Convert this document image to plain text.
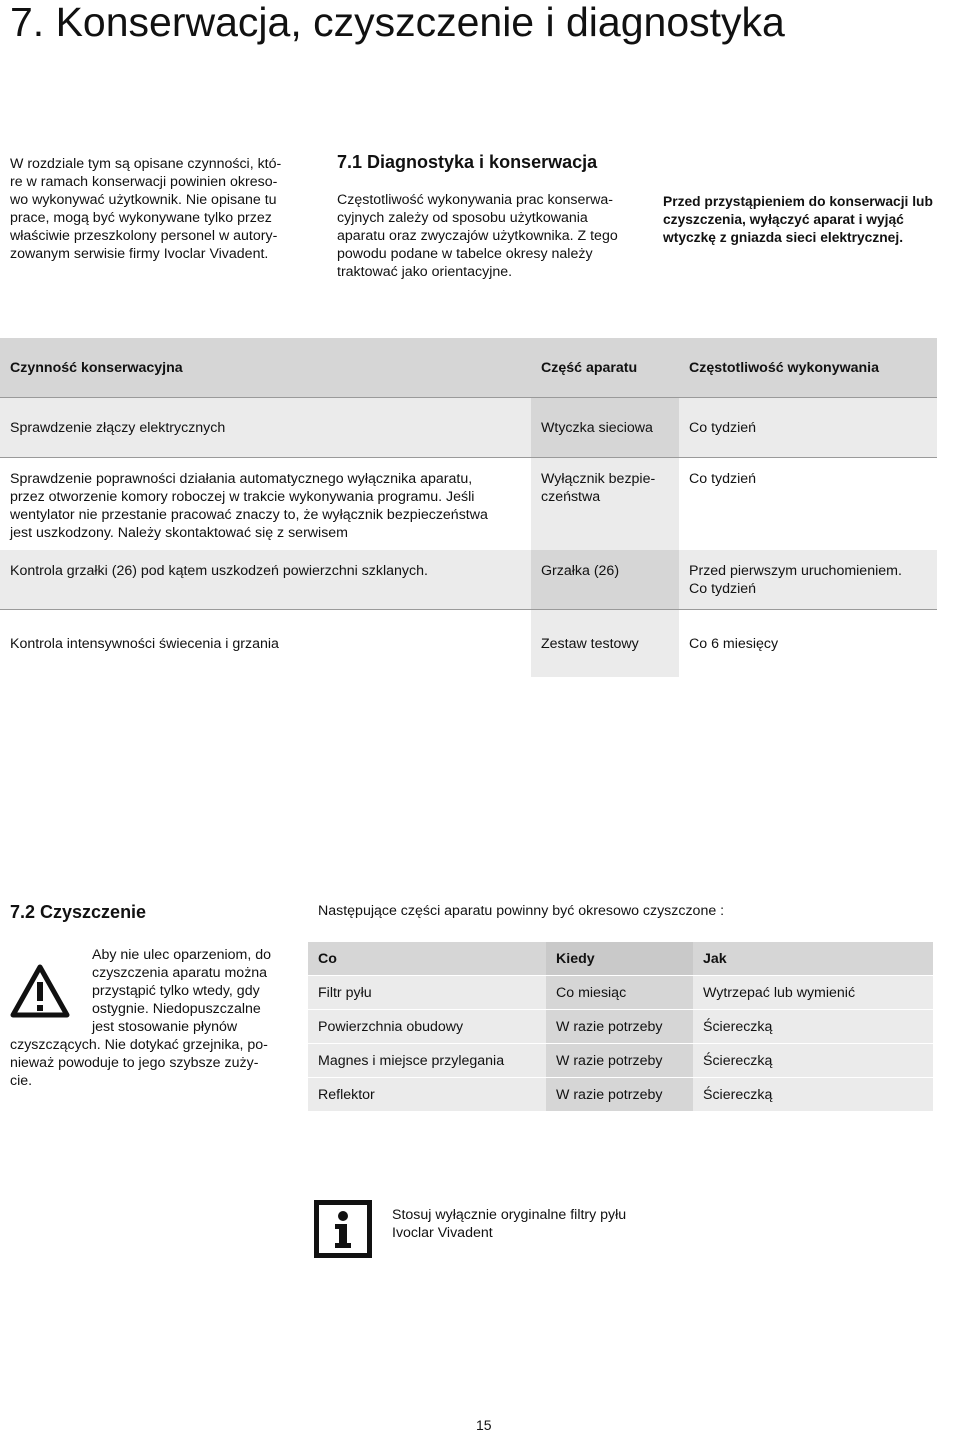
7. Konserwacja, czyszczenie i diagnostyka
W rozdziale tym są opisane czynności, któ-
re w ramach konserwacji powinien okreso-
wo wykonywać użytkownik. Nie opisane tu
prace, mogą być wykonywane tylko przez
właściwie przeszkolony personel w autory-
zowanym serwisie firmy Ivoclar Vivadent.
7.1 Diagnostyka i konserwacja
Częstotliwość wykonywania prac konserwa-
cyjnych zależy od sposobu użytkowania
aparatu oraz zwyczajów użytkownika. Z tego
powodu podane w tabelce okresy należy
traktować jako orientacyjne.
Przed przystąpieniem do konserwacji lub
czyszczenia, wyłączyć aparat i wyjąć
wtyczkę z gniazda sieci elektrycznej.
Czynność konserwacyjna	Część aparatu	Częstotliwość wykonywania

Sprawdzenie złączy elektrycznych	Wtyczka sieciowa	Co tydzień

Sprawdzenie poprawności działania automatycznego wyłącznika aparatu,
przez otworzenie komory roboczej w trakcie wykonywania programu. Jeśli
wentylator nie przestanie pracować znaczy to, że wyłącznik bezpieczeństwa
jest uszkodzony. Należy skontaktować się z serwisem	Wyłącznik bezpie-
czeństwa	Co tydzień

Kontrola grzałki (26) pod kątem uszkodzeń powierzchni szklanych.	Grzałka (26)	Przed pierwszym uruchomieniem.
Co tydzień

Kontrola intensywności świecenia i grzania	Zestaw testowy	Co 6 miesięcy
7.2 Czyszczenie	Następujące części aparatu powinny być okresowo czyszczone :
Aby nie ulec oparzeniom, do
czyszczenia aparatu można
przystąpić tylko wtedy, gdy
ostygnie. Niedopuszczalne
jest stosowanie płynów
czyszczących. Nie dotykać grzejnika, po-
nieważ powoduje to jego szybsze zuży-
cie.
Co	Kiedy	Jak
Filtr pyłu	Co miesiąc	Wytrzepać lub wymienić
Powierzchnia obudowy	W razie potrzeby	Ściereczką
Magnes i miejsce przylegania	W razie potrzeby	Ściereczką
Reflektor	W razie potrzeby	Ściereczką
Stosuj wyłącznie oryginalne filtry pyłu
Ivoclar Vivadent
15
